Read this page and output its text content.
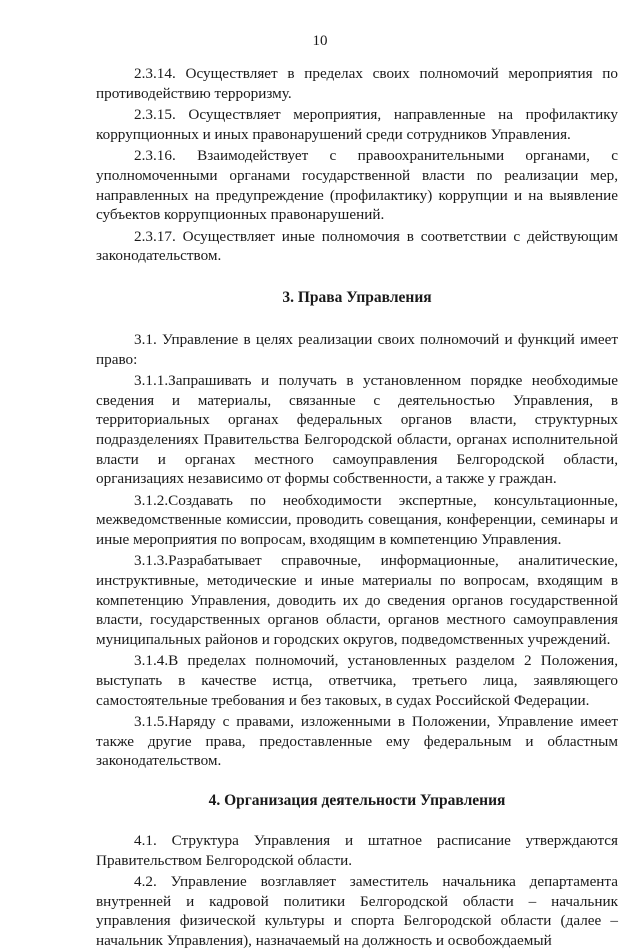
10

2.3.14. Осуществляет в пределах своих полномочий мероприятия по противодействию терроризму.

2.3.15. Осуществляет мероприятия, направленные на профилактику коррупционных и иных правонарушений среди сотрудников Управления.

2.3.16. Взаимодействует с правоохранительными органами, с уполномоченными органами государственной власти по реализации мер, направленных на предупреждение (профилактику) коррупции и на выявление субъектов коррупционных правонарушений.

2.3.17. Осуществляет иные полномочия в соответствии с действующим законодательством.

3. Права Управления

3.1. Управление в целях реализации своих полномочий и функций имеет право:

3.1.1.Запрашивать и получать в установленном порядке необходимые сведения и материалы, связанные с деятельностью Управления, в территориальных органах федеральных органов власти, структурных подразделениях Правительства Белгородской области, органах исполнительной власти и органах местного самоуправления Белгородской области, организациях независимо от формы собственности, а также у граждан.

3.1.2.Создавать по необходимости экспертные, консультационные, межведомственные комиссии, проводить совещания, конференции, семинары и иные мероприятия по вопросам, входящим в компетенцию Управления.

3.1.3.Разрабатывает справочные, информационные, аналитические, инструктивные, методические и иные материалы по вопросам, входящим в компетенцию Управления, доводить их до сведения органов государственной власти, государственных органов области, органов местного самоуправления муниципальных районов и городских округов, подведомственных учреждений.

3.1.4.В пределах полномочий, установленных разделом 2 Положения, выступать в качестве истца, ответчика, третьего лица, заявляющего самостоятельные требования и без таковых, в судах Российской Федерации.

3.1.5.Наряду с правами, изложенными в Положении, Управление имеет также другие права, предоставленные ему федеральным и областным законодательством.

4. Организация деятельности Управления

4.1. Структура Управления и штатное расписание утверждаются Правительством Белгородской области.

4.2. Управление возглавляет заместитель начальника департамента внутренней и кадровой политики Белгородской области – начальник управления физической культуры и спорта Белгородской области (далее – начальник Управления), назначаемый на должность и освобождаемый
